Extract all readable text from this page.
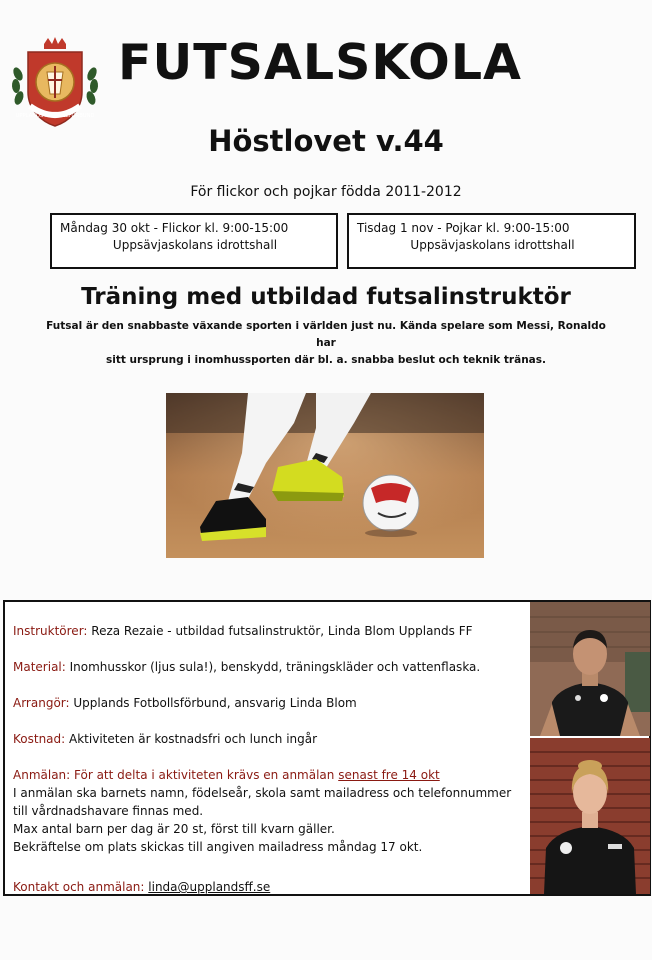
UPPLANDS FOTBOLLFÖRBUND
FUTSALSKOLA
Höstlovet v.44

För flickor och pojkar födda 2011-2012

Måndag 30 okt - Flickor kl. 9:00-15:00
Uppsävjaskolans idrottshall
Tisdag 1 nov - Pojkar kl. 9:00-15:00
Uppsävjaskolans idrottshall
Träning med utbildad futsalinstruktör

Futsal är den snabbaste växande sporten i världen just nu. Kända spelare som Messi, Ronaldo har
sitt ursprung i inomhussporten där bl. a. snabba beslut och teknik tränas.

Instruktörer: Reza Rezaie - utbildad futsalinstruktör, Linda Blom Upplands FF

Material: Inomhusskor (ljus sula!), benskydd, träningskläder och vattenflaska.

Arrangör: Upplands Fotbollsförbund, ansvarig Linda Blom

Kostnad: Aktiviteten är kostnadsfri och lunch ingår

Anmälan: För att delta i aktiviteten krävs en anmälan senast fre 14 okt
I anmälan ska barnets namn, födelseår, skola samt mailadress och telefonnummer
till vårdnadshavare finnas med.
Max antal barn per dag är 20 st, först till kvarn gäller.
Bekräftelse om plats skickas till angiven mailadress måndag 17 okt.

Kontakt och anmälan: linda@upplandsff.se
